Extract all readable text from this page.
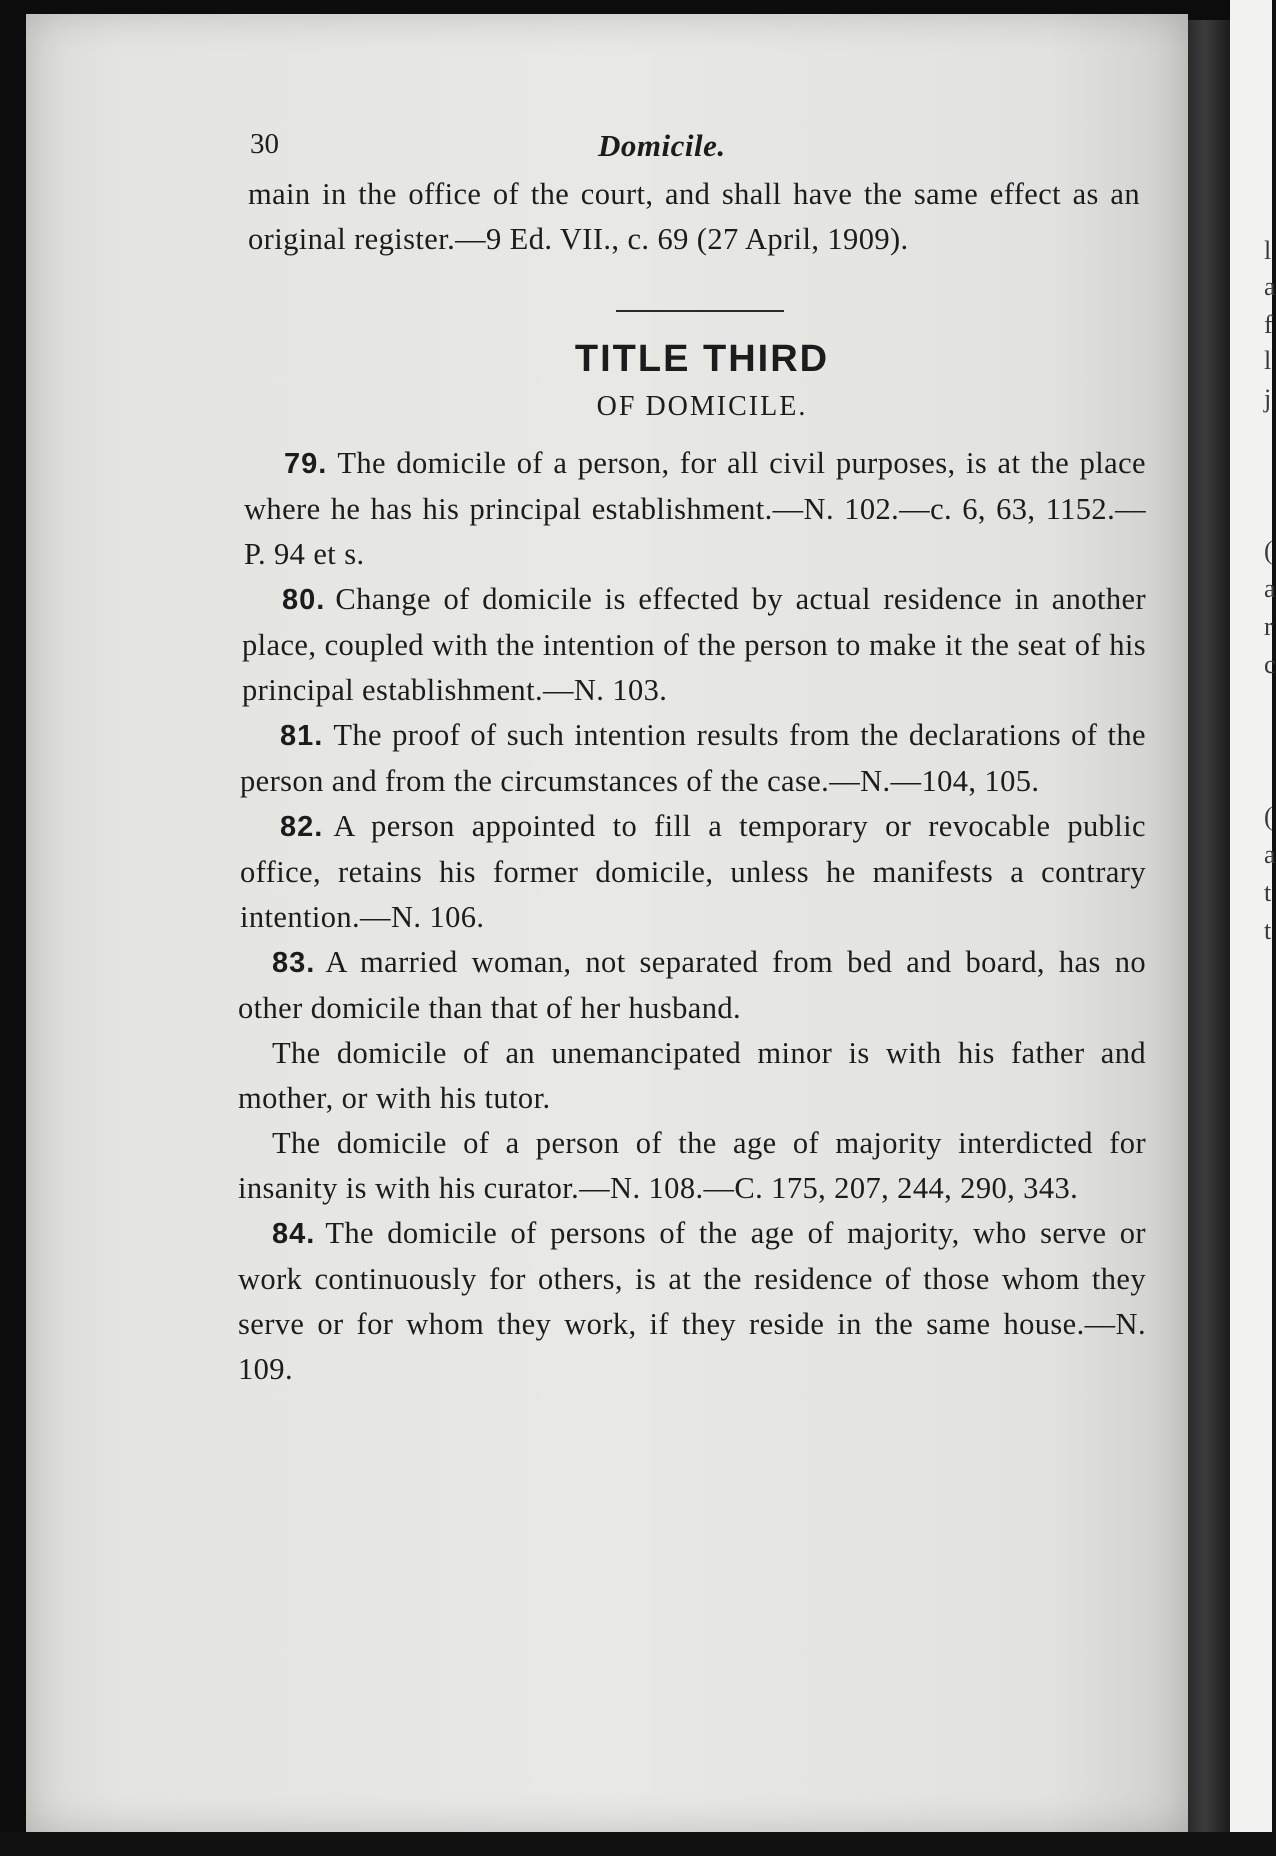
l
a
f
l
j
(
a
r
c
(
a
t
t
30	Domicile.

main in the office of the court, and shall have the same effect as an original register.—9 Ed. VII., c. 69 (27 April, 1909).

TITLE THIRD
OF DOMICILE.

79. The domicile of a person, for all civil purposes, is at the place where he has his principal establishment.—N. 102.—c. 6, 63, 1152.—P. 94 et s.

80. Change of domicile is effected by actual residence in another place, coupled with the intention of the person to make it the seat of his principal establishment.—N. 103.

81. The proof of such intention results from the declarations of the person and from the circumstances of the case.—N.—104, 105.

82. A person appointed to fill a temporary or revocable public office, retains his former domicile, unless he manifests a contrary intention.—N. 106.

83. A married woman, not separated from bed and board, has no other domicile than that of her husband.

The domicile of an unemancipated minor is with his father and mother, or with his tutor.

The domicile of a person of the age of majority interdicted for insanity is with his curator.—N. 108.—C. 175, 207, 244, 290, 343.

84. The domicile of persons of the age of majority, who serve or work continuously for others, is at the residence of those whom they serve or for whom they work, if they reside in the same house.—N. 109.
